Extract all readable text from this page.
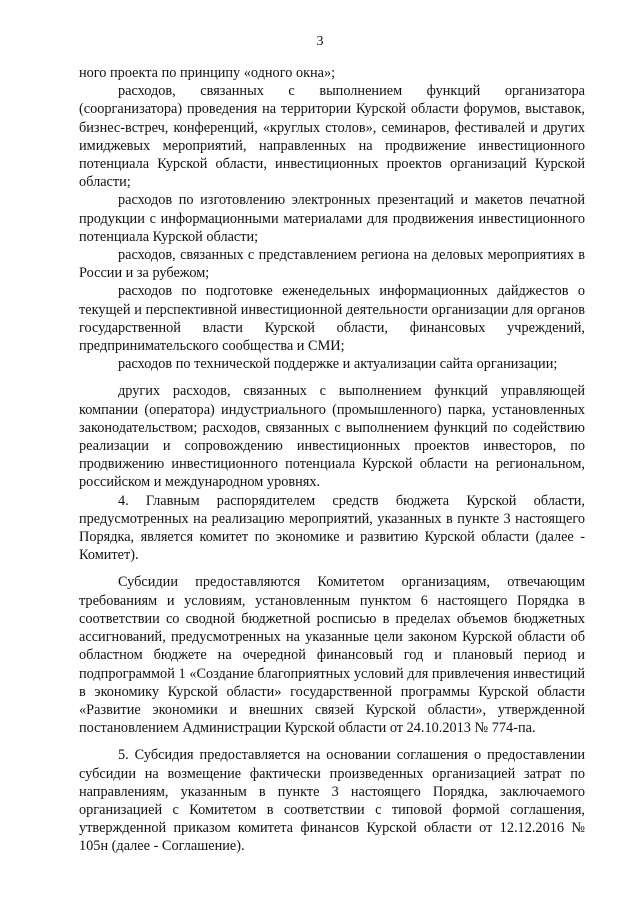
3

ного проекта по принципу «одного окна»;

расходов, связанных с выполнением функций организатора (соорганизатора) проведения на территории Курской области форумов, выставок, бизнес-встреч, конференций, «круглых столов», семинаров, фестивалей и других имиджевых мероприятий, направленных на продвижение инвестиционного потенциала Курской области, инвестиционных проектов организаций Курской области;

расходов по изготовлению электронных презентаций и макетов печатной продукции с информационными материалами для продвижения инвестиционного потенциала Курской области;

расходов, связанных с представлением региона на деловых мероприятиях в России и за рубежом;

расходов по подготовке еженедельных информационных дайджестов о текущей и перспективной инвестиционной деятельности организации для органов государственной власти Курской области, финансовых учреждений, предпринимательского сообщества и СМИ;

расходов по технической поддержке и актуализации сайта организации;

других расходов, связанных с выполнением функций управляющей компании (оператора) индустриального (промышленного) парка, установленных законодательством; расходов, связанных с выполнением функций по содействию реализации и сопровождению инвестиционных проектов инвесторов, по продвижению инвестиционного потенциала Курской области на региональном, российском и международном уровнях.

4. Главным распорядителем средств бюджета Курской области, предусмотренных на реализацию мероприятий, указанных в пункте 3 настоящего Порядка, является комитет по экономике и развитию Курской области (далее - Комитет).

Субсидии предоставляются Комитетом организациям, отвечающим требованиям и условиям, установленным пунктом 6 настоящего Порядка в соответствии со сводной бюджетной росписью в пределах объемов бюджетных ассигнований, предусмотренных на указанные цели законом Курской области об областном бюджете на очередной финансовый год и плановый период и подпрограммой 1 «Создание благоприятных условий для привлечения инвестиций в экономику Курской области» государственной программы Курской области «Развитие экономики и внешних связей Курской области», утвержденной постановлением Администрации Курской области от 24.10.2013 № 774-па.

5. Субсидия предоставляется на основании соглашения о предоставлении субсидии на возмещение фактически произведенных организацией затрат по направлениям, указанным в пункте 3 настоящего Порядка, заключаемого организацией с Комитетом в соответствии с типовой формой соглашения, утвержденной приказом комитета финансов Курской области от 12.12.2016 № 105н (далее - Соглашение).
